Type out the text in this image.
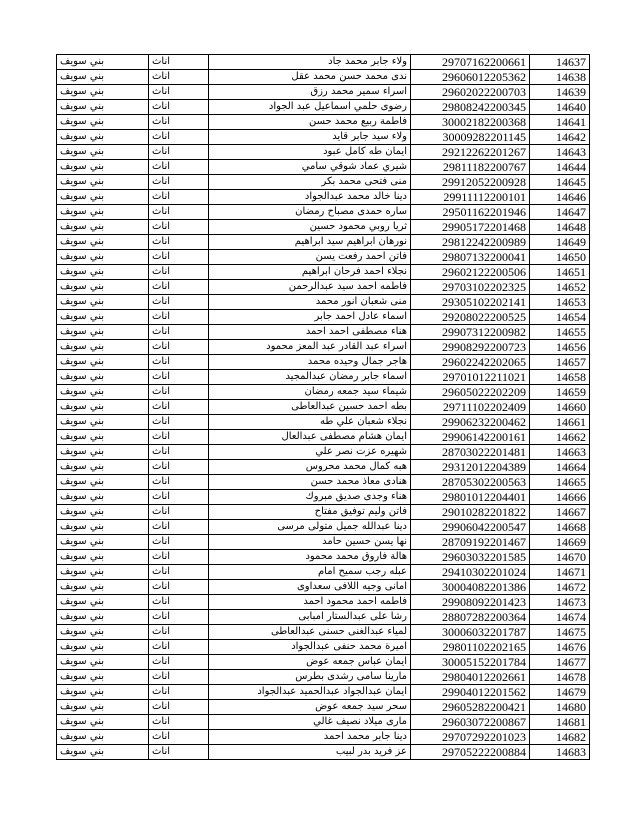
بني سويف	اناث	ولاء جابر محمد جاد	29707162200661	14637
بني سويف	اناث	ندى محمد حسن محمد عقل	29606012205362	14638
بني سويف	اناث	اسراء سمير محمد رزق	29602022200703	14639
بني سويف	اناث	رضوى حلمي اسماعيل عبد الجواد	29808242200345	14640
بني سويف	اناث	فاطمة ربيع محمد حسن	30002182200368	14641
بني سويف	اناث	ولاء سيد جابر قايد	30009282201145	14642
بني سويف	اناث	ايمان طه كامل عبود	29212262201267	14643
بني سويف	اناث	شيري عماد شوقي سامي	29811182200767	14644
بني سويف	اناث	منى فتحى محمد بكر	29912052200928	14645
بني سويف	اناث	دينا خالد محمد عبدالجواد	29911112200101	14646
بني سويف	اناث	ساره حمدى مصباح رمضان	29501162201946	14647
بني سويف	اناث	ثريا روبي محمود حسين	29905172201468	14648
بني سويف	اناث	نورهان ابراهيم سيد ابراهيم	29812242200989	14649
بني سويف	اناث	فاتن احمد رفعت يسن	29807132200041	14650
بني سويف	اناث	نجلاء احمد فرحان ابراهيم	29602122200506	14651
بني سويف	اناث	فاطمه احمد سيد عبدالرحمن	29703102202325	14652
بني سويف	اناث	منى شعبان انور محمد	29305102202141	14653
بني سويف	اناث	اسماء عادل احمد جابر	29208022200525	14654
بني سويف	اناث	هناء مصطفى احمد احمد	29907312200982	14655
بني سويف	اناث	اسراء عبد القادر عبد المعز محمود	29908292200723	14656
بني سويف	اناث	هاجر جمال وحيده محمد	29602242202065	14657
بني سويف	اناث	اسماء جابر رمضان عبدالمجيد	29701012211021	14658
بني سويف	اناث	شيماء سيد جمعه رمضان	29605022202209	14659
بني سويف	اناث	بطه احمد حسين عبدالعاطى	29711102202409	14660
بني سويف	اناث	نجلاء شعبان علي طه	29906232200462	14661
بني سويف	اناث	ايمان هشام مصطفى عبدالعال	29906142200161	14662
بني سويف	اناث	شهيره عزت نصر علي	28703022201481	14663
بني سويف	اناث	هبه كمال محمد محروس	29312012204389	14664
بني سويف	اناث	هنادى معاذ محمد حسن	28705302200563	14665
بني سويف	اناث	هناء وجدى صديق مبروك	29801012204401	14666
بني سويف	اناث	فاتن وليم توفيق مفتاح	29010282201822	14667
بني سويف	اناث	دينا عبدالله جميل متولى مرسى	29906042200547	14668
بني سويف	اناث	نها يسن حسين حامد	28709192201467	14669
بني سويف	اناث	هالة فاروق محمد محمود	29603032201585	14670
بني سويف	اناث	عبله رجب سميح امام	29410302201024	14671
بني سويف	اناث	امانى وجيه اللافى سعداوى	30004082201386	14672
بني سويف	اناث	فاطمه احمد محمود احمد	29908092201423	14673
بني سويف	اناث	رشا على عبدالستار امبابى	28807282200364	14674
بني سويف	اناث	لمياء عبدالغنى حسنى عبدالعاطى	30006032201787	14675
بني سويف	اناث	اميرة محمد حنفى عبدالجواد	29801102202165	14676
بني سويف	اناث	ايمان عباس جمعه عوض	30005152201784	14677
بني سويف	اناث	مارينا سامى رشدى بطرس	29804012202661	14678
بني سويف	اناث	ايمان عبدالجواد عبدالحميد عبدالجواد	29904012201562	14679
بني سويف	اناث	سحر سيد جمعه عوض	29605282200421	14680
بني سويف	اناث	مارى ميلاد نصيف غالي	29603072200867	14681
بني سويف	اناث	دينا جابر محمد احمد	29707292201023	14682
بني سويف	اناث	عز فريد بدر لبيب	29705222200884	14683
